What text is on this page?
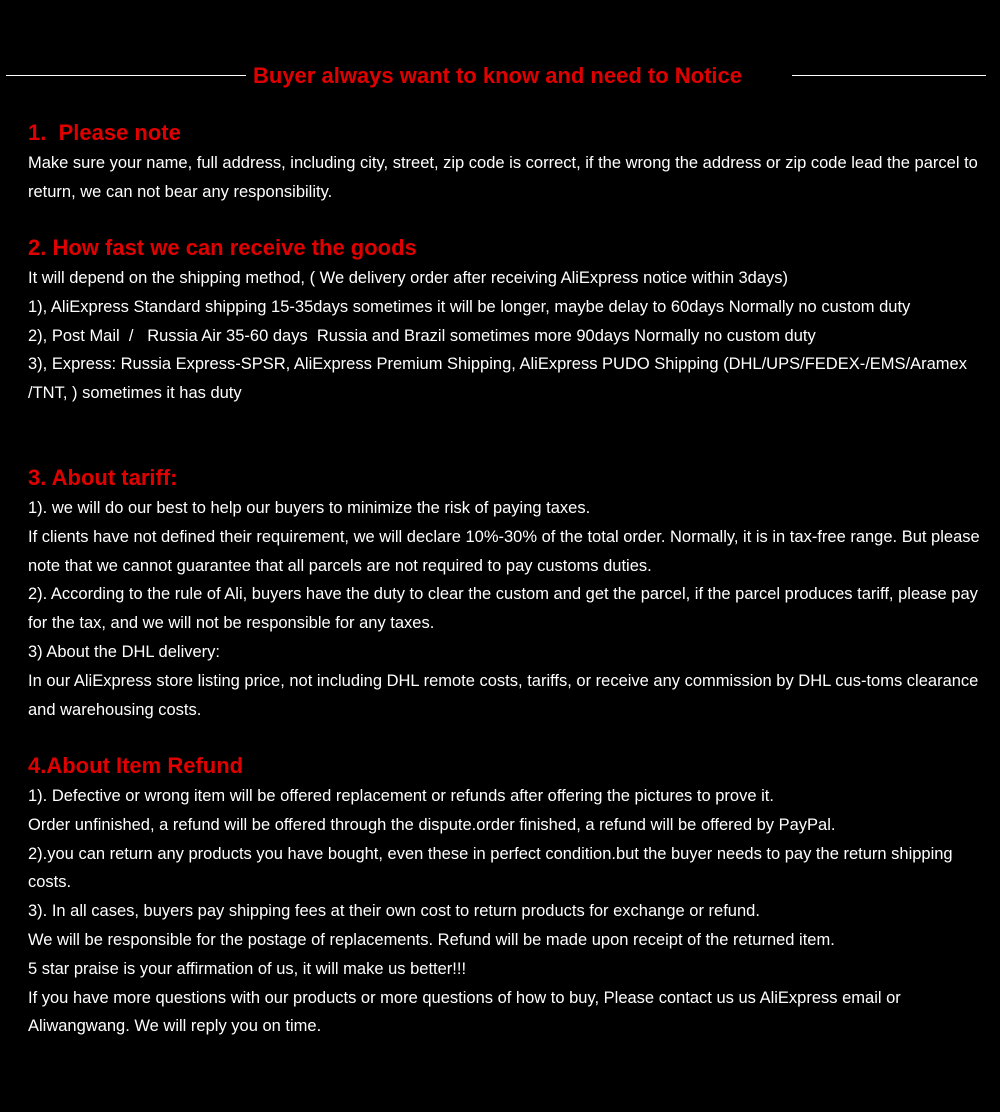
Buyer always want to know and need to Notice
1.  Please note

Make sure your name, full address, including city, street, zip code is correct, if the wrong the address or zip code lead the parcel to return, we can not bear any responsibility.

2. How fast we can receive the goods

It will depend on the shipping method, ( We delivery order after receiving AliExpress notice within 3days)

1), AliExpress Standard shipping 15-35days sometimes it will be longer, maybe delay to 60days Normally no custom duty

2), Post Mail  /   Russia Air 35-60 days  Russia and Brazil sometimes more 90days Normally no custom duty

3), Express: Russia Express-SPSR, AliExpress Premium Shipping, AliExpress PUDO Shipping (DHL/UPS/FEDEX-/EMS/Aramex /TNT, ) sometimes it has duty

3. About tariff:

1). we will do our best to help our buyers to minimize the risk of paying taxes.

If clients have not defined their requirement, we will declare 10%-30% of the total order. Normally, it is in tax-free range. But please note that we cannot guarantee that all parcels are not required to pay customs duties.

2). According to the rule of Ali, buyers have the duty to clear the custom and get the parcel, if the parcel produces tariff, please pay for the tax, and we will not be responsible for any taxes.

3) About the DHL delivery:

In our AliExpress store listing price, not including DHL remote costs, tariffs, or receive any commission by DHL cus-toms clearance and warehousing costs.

4.About Item Refund

1). Defective or wrong item will be offered replacement or refunds after offering the pictures to prove it.

Order unfinished, a refund will be offered through the dispute.order finished, a refund will be offered by PayPal.

2).you can return any products you have bought, even these in perfect condition.but the buyer needs to pay the return shipping costs.

3). In all cases, buyers pay shipping fees at their own cost to return products for exchange or refund.

We will be responsible for the postage of replacements. Refund will be made upon receipt of the returned item.

5 star praise is your affirmation of us, it will make us better!!!

If you have more questions with our products or more questions of how to buy, Please contact us us AliExpress email or Aliwangwang. We will reply you on time.
